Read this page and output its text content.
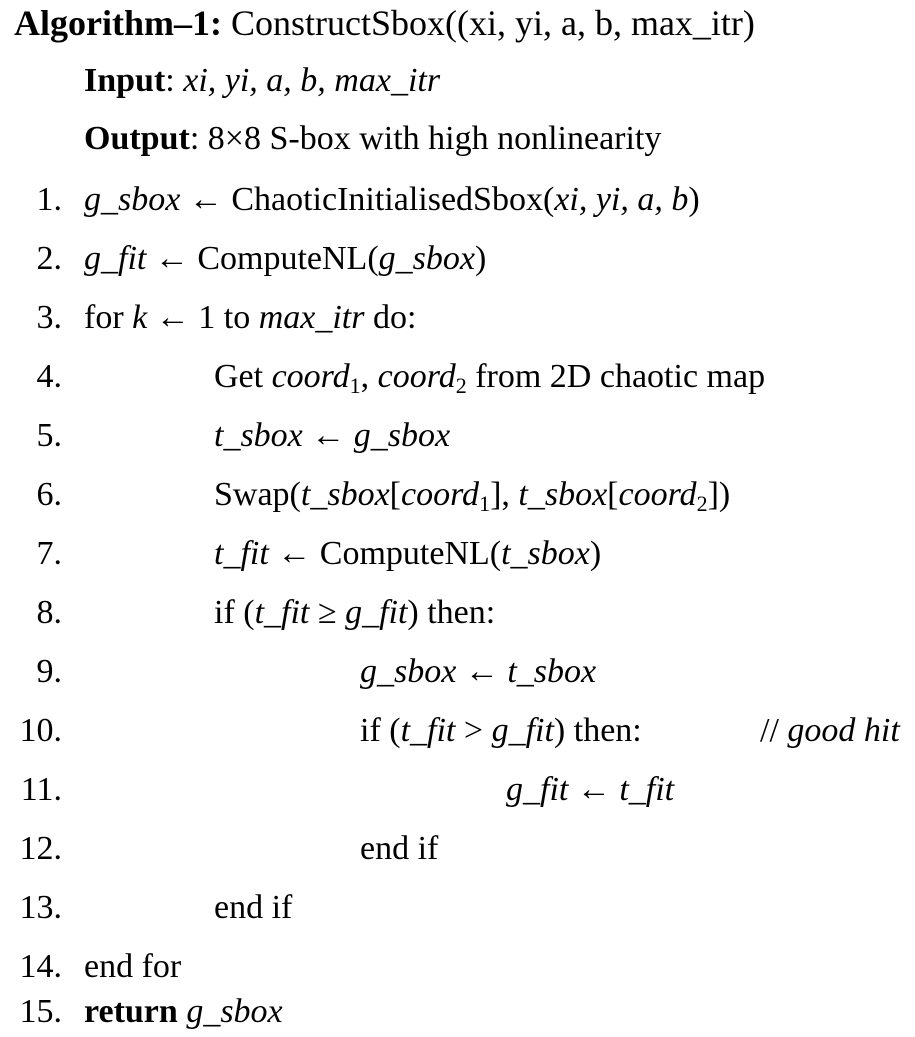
Algorithm–1: ConstructSbox((xi, yi, a, b, max_itr)
Input: xi, yi, a, b, max_itr
Output: 8×8 S-box with high nonlinearity
1. g_sbox ← ChaoticInitialisedSbox(xi, yi, a, b)
2. g_fit ← ComputeNL(g_sbox)
3. for k ← 1 to max_itr do:
4.	Get coord$_1$, coord$_2$ from 2D chaotic map
5.	t_sbox ← g_sbox
6.	Swap(t_sbox[coord$_1$], t_sbox[coord$_2$])
7.	t_fit ← ComputeNL(t_sbox)
8.	if (t_fit ≥ g_fit) then:
9.	g_sbox ← t_sbox
10.	if (t_fit > g_fit) then:	// good hit
11.	g_fit ← t_fit
12.	end if
13.	end if
14. end for
15. return g_sbox
